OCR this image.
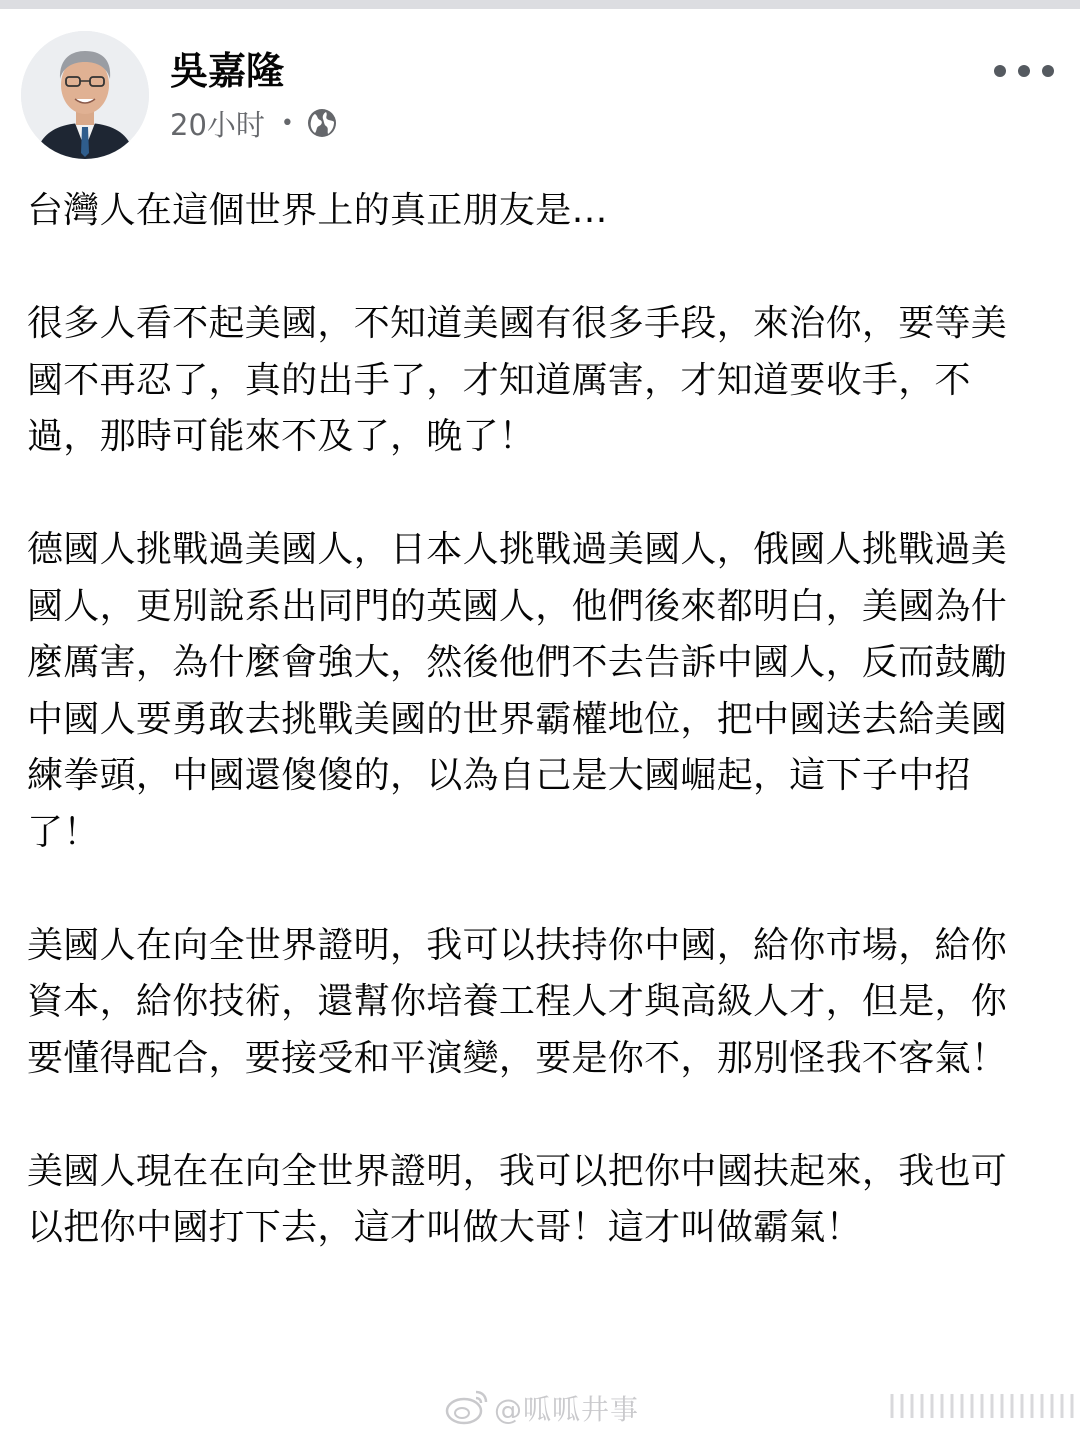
吳嘉隆
20小时 •

台灣人在這個世界上的真正朋友是…

很多人看不起美國，不知道美國有很多手段，來治你，要等美國不再忍了，真的出手了，才知道厲害，才知道要收手，不過，那時可能來不及了，晚了！

德國人挑戰過美國人，日本人挑戰過美國人，俄國人挑戰過美國人，更別說系出同門的英國人，他們後來都明白，美國為什麼厲害，為什麼會強大，然後他們不去告訴中國人，反而鼓勵中國人要勇敢去挑戰美國的世界霸權地位，把中國送去給美國練拳頭，中國還傻傻的，以為自己是大國崛起，這下子中招了！

美國人在向全世界證明，我可以扶持你中國，給你市場，給你資本，給你技術，還幫你培養工程人才與高級人才，但是，你要懂得配合，要接受和平演變，要是你不，那別怪我不客氣！

美國人現在在向全世界證明，我可以把你中國扶起來，我也可以把你中國打下去，這才叫做大哥！這才叫做霸氣！

@呱呱井事
